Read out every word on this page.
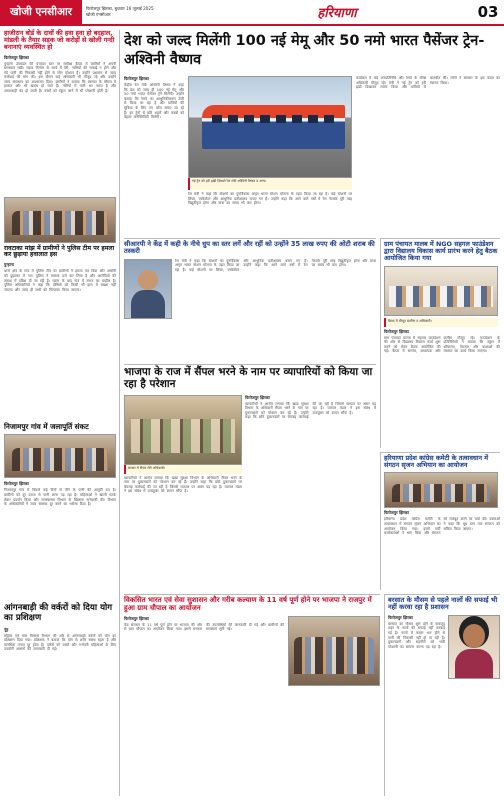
खोजी एनसीआर	फिरोजपुर झिरका, बुधवार 16 जुलाई 2025
खोजी एनसीआर	हरियाणा	03
हाजीरान बोर्ड के दावों की हवा हवा हो बदहाल, मांडली के तैयार सड़क जो करोड़ों से खोली गन्दी बनानाएं व्यवस्थित हो
फिरोजपुर झिरका
पुन्हाना उपमंडल की पंचायत स्तर पर समीक्षा बैठक में ग्रामीणों ने अपनी समस्याएं रखीं। सड़क निर्माण के कार्य में देरी, नालियों की सफाई न होने और गंदे पानी की निकासी नहीं होने से लोग परेशान हैं। उन्होंने प्रशासन से जल्द कार्रवाई की मांग की। इस दौरान कई अधिकारी भी मौजूद रहे और उन्होंने जल्द समाधान का आश्वासन दिया। ग्रामीणों ने बताया कि बरसात के मौसम में हालात और भी खराब हो जाते हैं। गलियों में पानी भर जाता है और आवाजाही बंद हो जाती है। बच्चों को स्कूल जाने में भी परेशानी होती है।
रावटाका मांझ में ग्रामीणों ने पुलिस टीम पर हमला कर छुड़ाया हवालात इस
पुन्हाना
थाना क्षेत्र के गांव में पुलिस टीम पर ग्रामीणों ने हमला कर दिया और आरोपी को छुड़ाकर ले गए। पुलिस ने मामला दर्ज कर लिया है और आरोपियों की तलाश में दबिश दी जा रही है। घटना के बाद गांव में तनाव का माहौल है। पुलिस अधिकारियों ने कहा कि दोषियों को किसी भी हाल में बख्शा नहीं जाएगा और जल्द ही सभी को गिरफ्तार किया जाएगा।
निजामपुर गांव में जलापूर्ति संकट
फिरोजपुर झिरका
निजामपुर गांव में पिछले कई दिनों से पीने के पानी की आपूर्ति ठप है। ग्रामीणों को दूर दराज से पानी लाना पड़ रहा है। महिलाओं ने खाली मटके लेकर प्रदर्शन किया और जनस्वास्थ्य विभाग के खिलाफ नारेबाजी की। विभाग के अधिकारियों ने जल्द समस्या दूर करने का भरोसा दिया है।
आंगनबाड़ी की वर्करों को दिया योग का प्रशिक्षण
नूंह
महिला एवं बाल विकास विभाग की ओर से आंगनबाड़ी वर्करों को योग का प्रशिक्षण दिया गया। प्रशिक्षक ने बताया कि योग से शरीर स्वस्थ रहता है और मानसिक तनाव दूर होता है। वर्करों को बच्चों और गर्भवती महिलाओं के लिए उपयोगी आसनों की जानकारी दी गई।
देश को जल्द मिलेंगी 100 नई मेमू और 50 नमो भारत पैसेंजर ट्रेन-अश्विनी वैष्णव
फिरोजपुर झिरका
केंद्रीय रेल मंत्री अश्विनी वैष्णव ने कहा कि देश को जल्द ही 100 नई मेमू और 50 नमो भारत पैसेंजर ट्रेनें मिलेंगी। उन्होंने बताया कि रेलवे का आधुनिकीकरण तेजी से किया जा रहा है और यात्रियों की सुविधा के लिए नए कोच बनाए जा रहे हैं। इन ट्रेनों से छोटे शहरों और कस्बों को बेहतर कनेक्टिविटी मिलेगी।
नई ट्रेन को हरी झंडी दिखाते रेल मंत्री अश्विनी वैष्णव व अन्य।
रेल मंत्री ने कहा कि स्टेशनों का पुनर्विकास अमृत भारत स्टेशन योजना के तहत किया जा रहा है। कई स्टेशनों पर लिफ्ट, एस्केलेटर और आधुनिक प्रतीक्षालय बनाए गए हैं। उन्होंने कहा कि आने वाले वर्षों में रेल नेटवर्क पूरी तरह विद्युतीकृत होगा और यात्रा का समय भी कम होगा।
कार्यक्रम में कई जनप्रतिनिधि और रेलवे के वरिष्ठ अधिकारी मौजूद रहे। मंत्री ने नई ट्रेन को हरी झंडी दिखाकर रवाना किया और यात्रियों से बातचीत की। लोगों ने सरकार के इस कदम का स्वागत किया।
सीआरपी ने केंद्र में कही के नीचे धुप का स्तर लगें और रहीं को उन्होंने 35 लाख रुपए की ओटी शराब की तस्करी
रेल मंत्री ने कहा कि स्टेशनों का पुनर्विकास अमृत भारत स्टेशन योजना के तहत किया जा रहा है। कई स्टेशनों पर लिफ्ट, एस्केलेटर और आधुनिक प्रतीक्षालय बनाए गए हैं। उन्होंने कहा कि आने वाले वर्षों में रेल नेटवर्क पूरी तरह विद्युतीकृत होगा और यात्रा का समय भी कम होगा।
ग्राम पंचायत मालब में NGO सहगल फाउंडेशन द्वारा विद्यालय विकास कार्य प्रारंभ करने हेतु बैठक आयोजित किया गया
बैठक में मौजूद ग्रामीण व अधिकारी।
फिरोजपुर झिरका
ग्राम पंचायत मालब में सहगल फाउंडेशन की ओर से विद्यालय विकास कार्य शुरू करने को लेकर बैठक आयोजित की गई। बैठक में सरपंच, अध्यापक और ग्रामीण मौजूद रहे। फाउंडेशन के प्रतिनिधियों ने बताया कि स्कूल में शौचालय, पेयजल और कक्षाओं की मरम्मत का कार्य किया जाएगा।
भाजपा के राज में सैंपल भरने के नाम पर व्यापारियों को किया जा रहा है परेशान
बाजार में सैंपल लेते अधिकारी।
व्यापारियों ने आरोप लगाया कि खाद्य सुरक्षा विभाग के अधिकारी सैंपल भरने के नाम पर दुकानदारों को परेशान कर रहे हैं। उन्होंने कहा कि छोटे दुकानदारों पर बेवजह कार्रवाई की जा रही है जिससे व्यापार पर असर पड़ रहा है। व्यापार मंडल ने इस संबंध में उपायुक्त को ज्ञापन सौंपा है।
फिरोजपुर झिरका
व्यापारियों ने आरोप लगाया कि खाद्य सुरक्षा विभाग के अधिकारी सैंपल भरने के नाम पर दुकानदारों को परेशान कर रहे हैं। उन्होंने कहा कि छोटे दुकानदारों पर बेवजह कार्रवाई की जा रही है जिससे व्यापार पर असर पड़ रहा है। व्यापार मंडल ने इस संबंध में उपायुक्त को ज्ञापन सौंपा है।
हरियाणा प्रदेश कांग्रेस कमेटी के तत्वावधान में संगठन सृजन अभियान का आयोजन
फिरोजपुर झिरका
हरियाणा प्रदेश कांग्रेस कमेटी के तत्वावधान में संगठन सृजन अभियान का आयोजन किया गया। इसमें पार्टी कार्यकर्ताओं ने भाग लिया और संगठन को मजबूत करने पर चर्चा की। वक्ताओं ने कहा कि बूथ स्तर तक संगठन को सक्रिय किया जाएगा।
विकसित भारत एवं सेवा सुशासन और गरीब कल्याण के 11 वर्ष पूर्ण होने पर भाजपा ने राजपुर में हुआ ग्राम चौपाल का आयोजन
फिरोजपुर झिरका
केंद्र सरकार के 11 वर्ष पूर्ण होने पर भाजपा की ओर से ग्राम चौपाल का आयोजन किया गया। इसमें सरकार की उपलब्धियों की जानकारी दी गई और ग्रामीणों की समस्याएं सुनी गईं।
बरसात के मौसम से पहले नालों की सफाई भी नहीं करवा रहा है प्रशासन
फिरोजपुर झिरका
बरसात का मौसम शुरू होने के बावजूद शहर के नालों की सफाई नहीं करवाई गई है। नालों में कचरा भरा होने से पानी की निकासी नहीं हो पा रही है। दुकानदारों और राहगीरों को भारी परेशानी का सामना करना पड़ रहा है।
